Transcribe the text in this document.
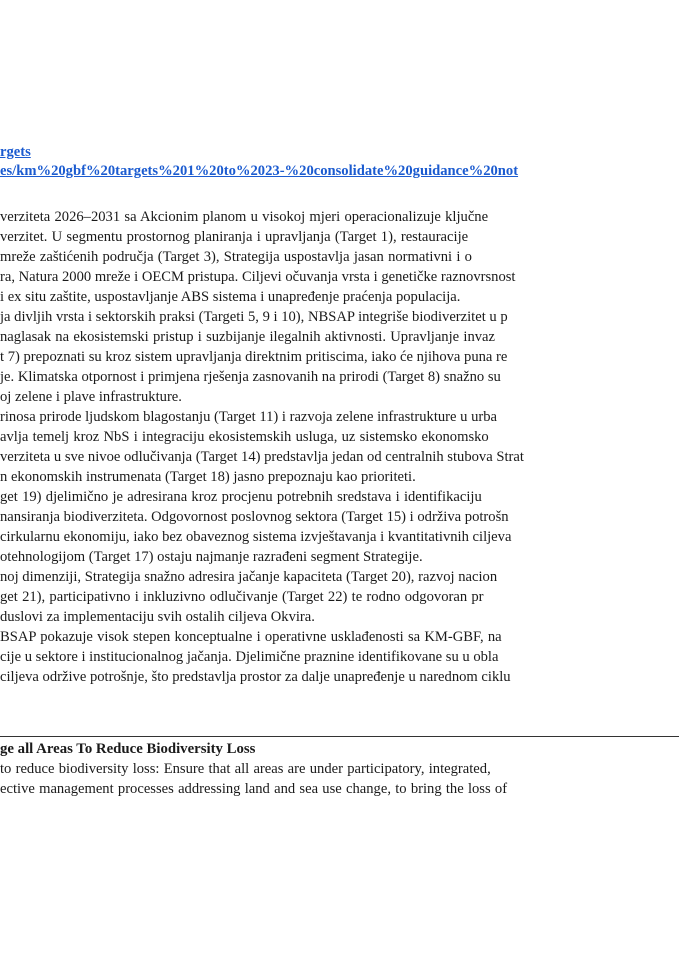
rgets
es/km%20gbf%20targets%201%20to%2023-%20consolidate%20guidance%20not
verziteta 2026–2031 sa Akcionim planom u visokoj mjeri operacionalizuje ključne
verzitet. U segmentu prostornog planiranja i upravljanja (Target 1), restauracije
mreže zaštićenih područja (Target 3), Strategija uspostavlja jasan normativni i o
ra, Natura 2000 mreže i OECM pristupa. Ciljevi očuvanja vrsta i genetičke raznovrsnost
i ex situ zaštite, uspostavljanje ABS sistema i unapređenje praćenja populacija.
ja divljih vrsta i sektorskih praksi (Targeti 5, 9 i 10), NBSAP integriše biodiverzitet u p
naglasak na ekosistemski pristup i suzbijanje ilegalnih aktivnosti. Upravljanje invaz
t 7) prepoznati su kroz sistem upravljanja direktnim pritiscima, iako će njihova puna re
je. Klimatska otpornost i primjena rješenja zasnovanih na prirodi (Target 8) snažno su
oj zelene i plave infrastrukture.
rinosa prirode ljudskom blagostanju (Target 11) i razvoja zelene infrastrukture u urba
avlja temelj kroz NbS i integraciju ekosistemskih usluga, uz sistemsko ekonomsko
verziteta u sve nivoe odlučivanja (Target 14) predstavlja jedan od centralnih stubova Strat
n ekonomskih instrumenata (Target 18) jasno prepoznaju kao prioriteti.
get 19) djelimično je adresirana kroz procjenu potrebnih sredstava i identifikaciju
nansiranja biodiverziteta. Odgovornost poslovnog sektora (Target 15) i održiva potrošn
cirkularnu ekonomiju, iako bez obaveznog sistema izvještavanja i kvantitativnih ciljeva
otehnologijom (Target 17) ostaju najmanje razrađeni segment Strategije.
noj dimenziji, Strategija snažno adresira jačanje kapaciteta (Target 20), razvoj nacion
get 21), participativno i inkluzivno odlučivanje (Target 22) te rodno odgovoran pr
duslovi za implementaciju svih ostalih ciljeva Okvira.
BSAP pokazuje visok stepen konceptualne i operativne usklađenosti sa KM-GBF, na
cije u sektore i institucionalnog jačanja. Djelimične praznine identifikovane su u obla
ciljeva održive potrošnje, što predstavlja prostor za dalje unapređenje u narednom ciklu
ge all Areas To Reduce Biodiversity Loss
to reduce biodiversity loss: Ensure that all areas are under participatory, integrated,
ective management processes addressing land and sea use change, to bring the loss of
